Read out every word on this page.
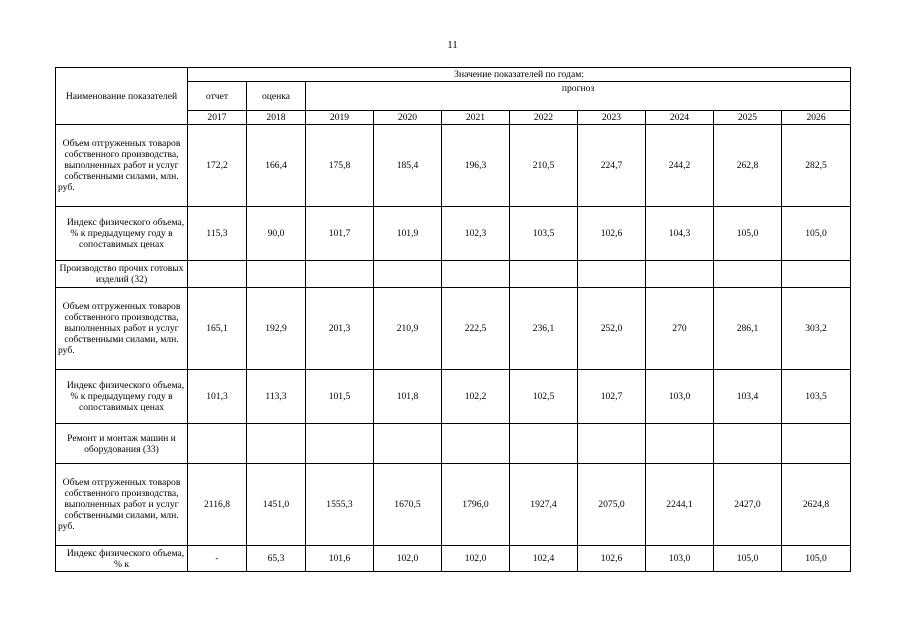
11
Наименование показателей	Значение показателей по годам:									
	отчет	оценка	прогноз							
	2017	2018	2019	2020	2021	2022	2023	2024	2025	2026
Объем отгруженных товаров собственного производства, выполненных работ и услуг собственными силами, млн. руб.	172,2	166,4	175,8	185,4	196,3	210,5	224,7	244,2	262,8	282,5
Индекс физического объема, % к предыдущему году в сопоставимых ценах	115,3	90,0	101,7	101,9	102,3	103,5	102,6	104,3	105,0	105,0
Производство прочих готовых изделий (32)										
Объем отгруженных товаров собственного производства, выполненных работ и услуг собственными силами, млн. руб.	165,1	192,9	201,3	210,9	222,5	236,1	252,0	270	286,1	303,2
Индекс физического объема, % к предыдущему году в сопоставимых ценах	101,3	113,3	101,5	101,8	102,2	102,5	102,7	103,0	103,4	103,5
Ремонт и монтаж машин и оборудования (33)										
Объем отгруженных товаров собственного производства, выполненных работ и услуг собственными силами, млн. руб.	2116,8	1451,0	1555,3	1670,5	1796,0	1927,4	2075,0	2244,1	2427,0	2624,8
Индекс физического объема, % к	-	65,3	101,6	102,0	102,0	102,4	102,6	103,0	105,0	105,0
